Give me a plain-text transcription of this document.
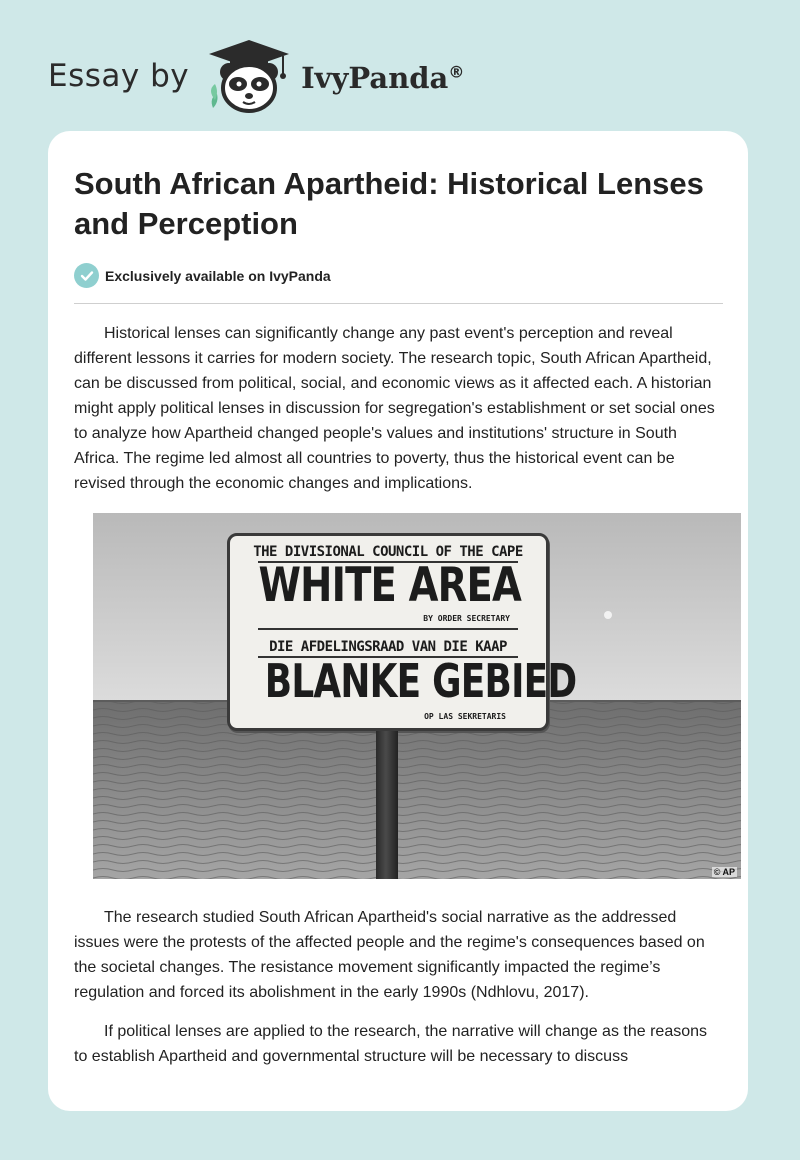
Essay by	IvyPanda®
South African Apartheid: Historical Lenses and Perception
Exclusively available on IvyPanda

Historical lenses can significantly change any past event's perception and reveal different lessons it carries for modern society. The research topic, South African Apartheid, can be discussed from political, social, and economic views as it affected each. A historian might apply political lenses in discussion for segregation's establishment or set social ones to analyze how Apartheid changed people's values and institutions' structure in South Africa. The regime led almost all countries to poverty, thus the historical event can be revised through the economic changes and implications.

THE DIVISIONAL COUNCIL OF THE CAPE
WHITE AREA
BY ORDER SECRETARY
DIE AFDELINGSRAAD VAN DIE KAAP
BLANKE GEBIED
OP LAS SEKRETARIS
© AP

The research studied South African Apartheid's social narrative as the addressed issues were the protests of the affected people and the regime's consequences based on the societal changes. The resistance movement significantly impacted the regime’s regulation and forced its abolishment in the early 1990s (Ndhlovu, 2017).

If political lenses are applied to the research, the narrative will change as the reasons to establish Apartheid and governmental structure will be necessary to discuss
